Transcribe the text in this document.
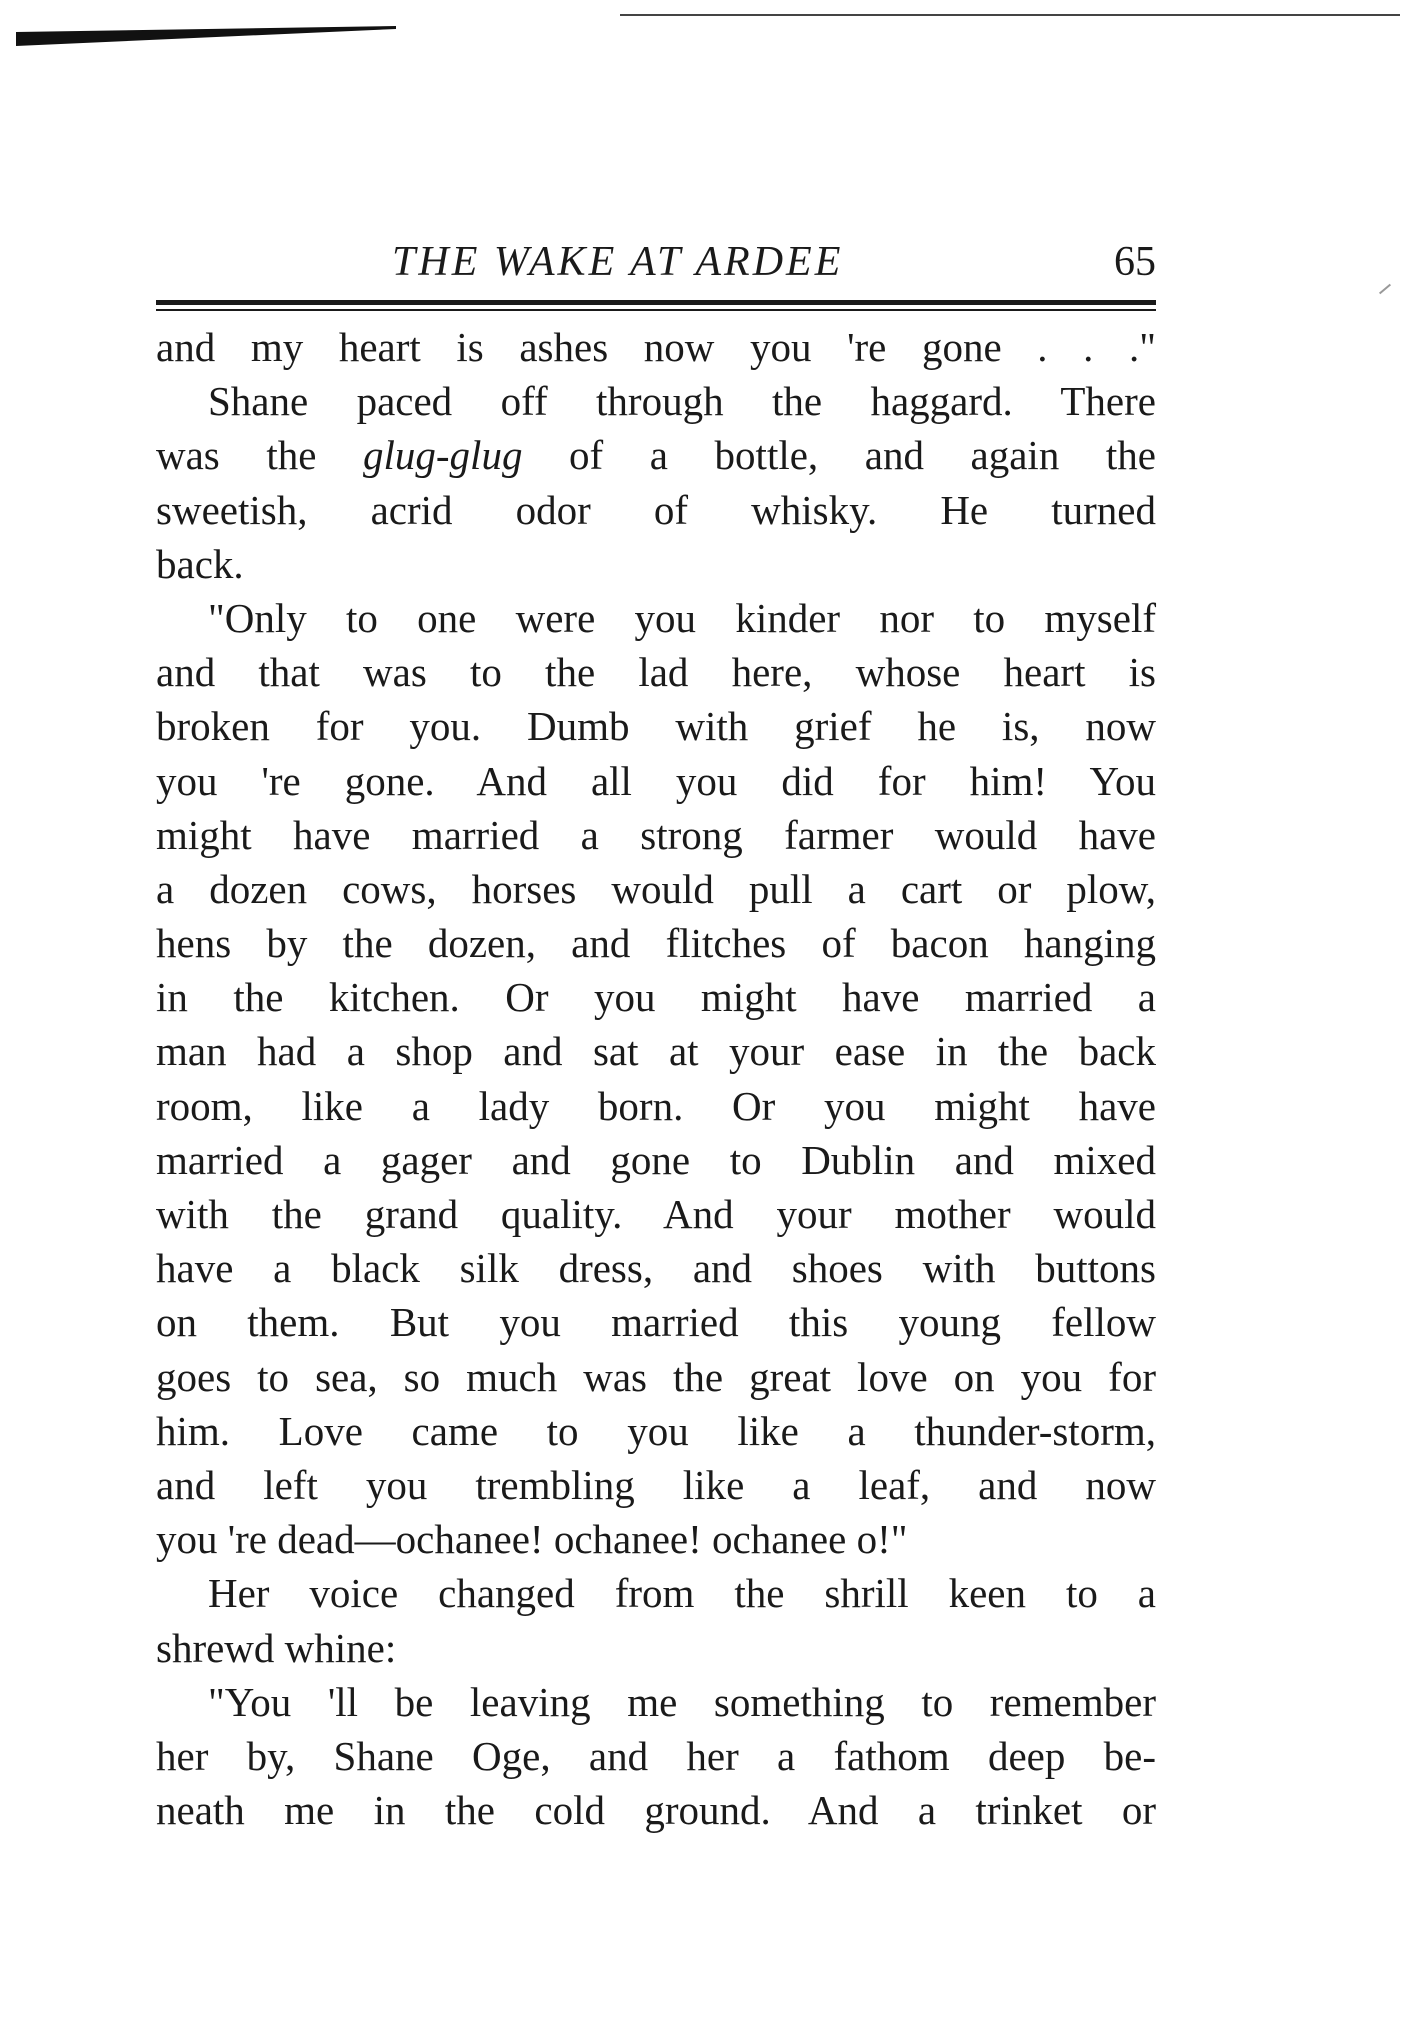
THE WAKE AT ARDEE	65
and my heart is ashes now you 're gone . . ."
Shane paced off through the haggard. There
was the glug-glug of a bottle, and again the
sweetish, acrid odor of whisky. He turned
back.
"Only to one were you kinder nor to myself
and that was to the lad here, whose heart is
broken for you. Dumb with grief he is, now
you 're gone. And all you did for him! You
might have married a strong farmer would have
a dozen cows, horses would pull a cart or plow,
hens by the dozen, and flitches of bacon hanging
in the kitchen. Or you might have married a
man had a shop and sat at your ease in the back
room, like a lady born. Or you might have
married a gager and gone to Dublin and mixed
with the grand quality. And your mother would
have a black silk dress, and shoes with buttons
on them. But you married this young fellow
goes to sea, so much was the great love on you for
him. Love came to you like a thunder-storm,
and left you trembling like a leaf, and now
you 're dead—ochanee! ochanee! ochanee o!"
Her voice changed from the shrill keen to a
shrewd whine:
"You 'll be leaving me something to remember
her by, Shane Oge, and her a fathom deep be-
neath me in the cold ground. And a trinket or
